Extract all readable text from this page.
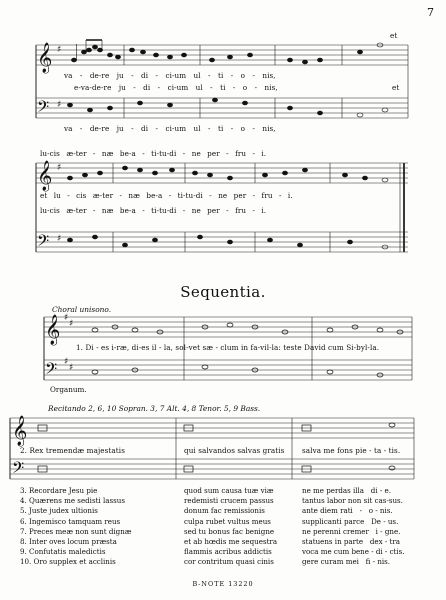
7
𝄞
𝄢
𝄞
𝄢
𝄞
𝄢
𝄞
𝄢
♯
♯
♯
♯
♯
♯
♯
♯
et
va - de-re ju - di - ci-um ul - ti - o - nis,
e-va-de-re ju - di - ci-um ul - ti - o - nis,	et
va - de-re ju - di - ci-um ul - ti - o - nis,
lu-cis æ-ter - næ be-a - ti-tu-di - ne per - fru - i.
et lu - cis æ-ter - næ be-a - ti-tu-di - ne per - fru - i.
lu-cis æ-ter - næ be-a - ti-tu-di - ne per - fru - i.
Sequentia.
Choral unisono.
1. Di - es i-ræ, di-es il - la, sol-vet sæ - clum in fa-vil-la: teste David cum Si-byl-la.
Organum.
Recitando 2, 6, 10 Sopran. 3, 7 Alt. 4, 8 Tenor. 5, 9 Bass.
2. Rex tremendæ majestatis	qui salvandos salvas gratis salva me fons pie - ta - tis.
3. Recordare Jesu pie
4. Quærens me sedisti lassus
5. Juste judex ultionis
6. Ingemisco tamquam reus
7. Preces meæ non sunt dignæ
8. Inter oves locum præsta
9. Confutatis maledictis
10. Oro supplex et acclinis
quod sum causa tuæ viæ
redemisti crucem passus
donum fac remissionis
culpa rubet vultus meus
sed tu bonus fac benigne
et ab hœdis me sequestra
flammis acribus addictis
cor contritum quasi cinis
ne me perdas illa   di - e.
tantus labor non sit cas-sus.
ante diem rati   -   o - nis.
supplicanti parce   De - us.
ne perenni cremer   i - gne.
statuens in parte   dex - tra
voca me cum bene - di - ctis.
gere curam mei   fi - nis.
B-NOTE 13220
